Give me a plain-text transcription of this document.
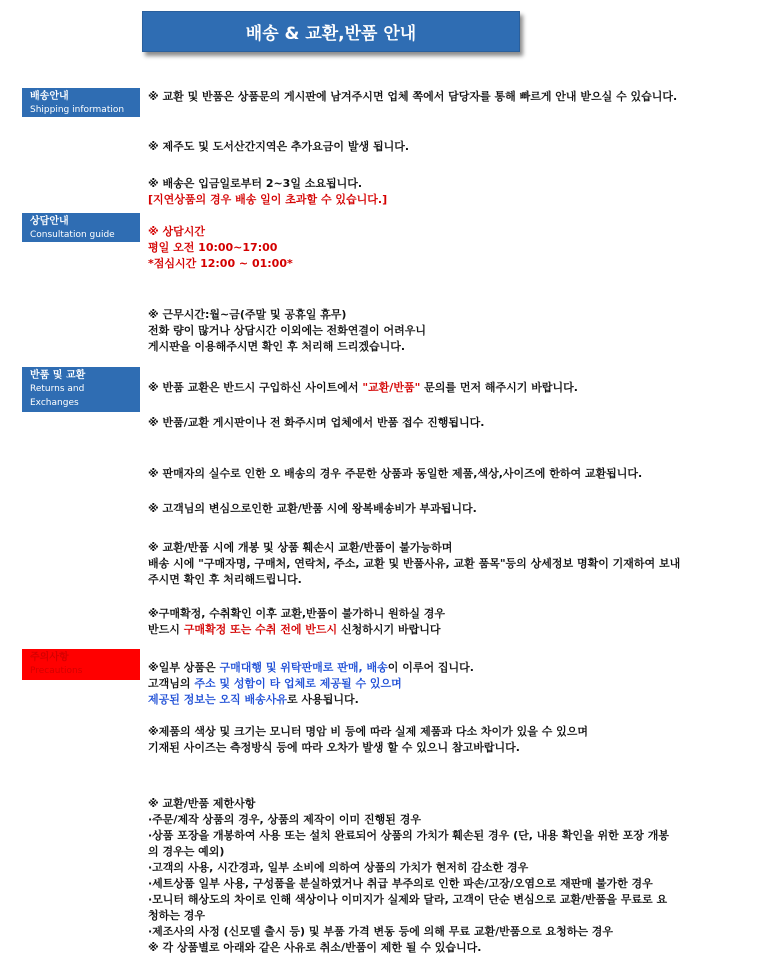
배송 & 교환,반품 안내
배송안내
Shipping information
상담안내
Consultation guide
반품 및 교환
Returns and
Exchanges
주의사항
Precautions

※ 교환 및 반품은 상품문의 게시판에 남겨주시면 업체 쪽에서 담당자를 통해 빠르게 안내 받으실 수 있습니다.

※ 제주도 및 도서산간지역은 추가요금이 발생 됩니다.

※ 배송은 입금일로부터 2~3일 소요됩니다.

[지연상품의 경우 배송 일이 초과할 수 있습니다.]

※ 상담시간

평일 오전 10:00~17:00

*점심시간 12:00 ~ 01:00*

※ 근무시간:월~금(주말 및 공휴일 휴무)

전화 량이 많거나 상담시간 이외에는 전화연결이 어려우니

게시판을 이용해주시면 확인 후 처리해 드리겠습니다.

※ 반품 교환은 반드시 구입하신 사이트에서 "교환/반품" 문의를 먼저 해주시기 바랍니다.

※ 반품/교환 게시판이나 전 화주시며 업체에서 반품 접수 진행됩니다.

※ 판매자의 실수로 인한 오 배송의 경우 주문한 상품과 동일한 제품,색상,사이즈에 한하여 교환됩니다.

※ 고객님의 변심으로인한 교환/반품 시에 왕복배송비가 부과됩니다.

※ 교환/반품 시에 개봉 및 상품 훼손시 교환/반품이 불가능하며

배송 시에 "구매자명, 구매처, 연락처, 주소, 교환 및 반품사유, 교환 품목"등의 상세정보 명확이 기재하여 보내

주시면 확인 후 처리해드립니다.

※구매확정, 수취확인 이후 교환,반품이 불가하니 원하실 경우

반드시 구매확정 또는 수취 전에 반드시 신청하시기 바랍니다

※일부 상품은 구매대행 및 위탁판매로 판매, 배송이 이루어 집니다.

고객님의 주소 및 성함이 타 업체로 제공될 수 있으며

제공된 정보는 오직 배송사유로 사용됩니다.

※제품의 색상 및 크기는 모니터 명암 비 등에 따라 실제 제품과 다소 차이가 있을 수 있으며

기재된 사이즈는 측정방식 등에 따라 오차가 발생 할 수 있으니 참고바랍니다.

※ 교환/반품 제한사항

·주문/제작 상품의 경우, 상품의 제작이 이미 진행된 경우

·상품 포장을 개봉하여 사용 또는 설치 완료되어 상품의 가치가 훼손된 경우 (단, 내용 확인을 위한 포장 개봉

의 경우는 예외)

·고객의 사용, 시간경과, 일부 소비에 의하여 상품의 가치가 현저히 감소한 경우

·세트상품 일부 사용, 구성품을 분실하였거나 취급 부주의로 인한 파손/고장/오염으로 재판매 불가한 경우

·모니터 해상도의 차이로 인해 색상이나 이미지가 실제와 달라, 고객이 단순 변심으로 교환/반품을 무료로 요

청하는 경우

·제조사의 사정 (신모델 출시 등) 및 부품 가격 변동 등에 의해 무료 교환/반품으로 요청하는 경우

※ 각 상품별로 아래와 같은 사유로 취소/반품이 제한 될 수 있습니다.
